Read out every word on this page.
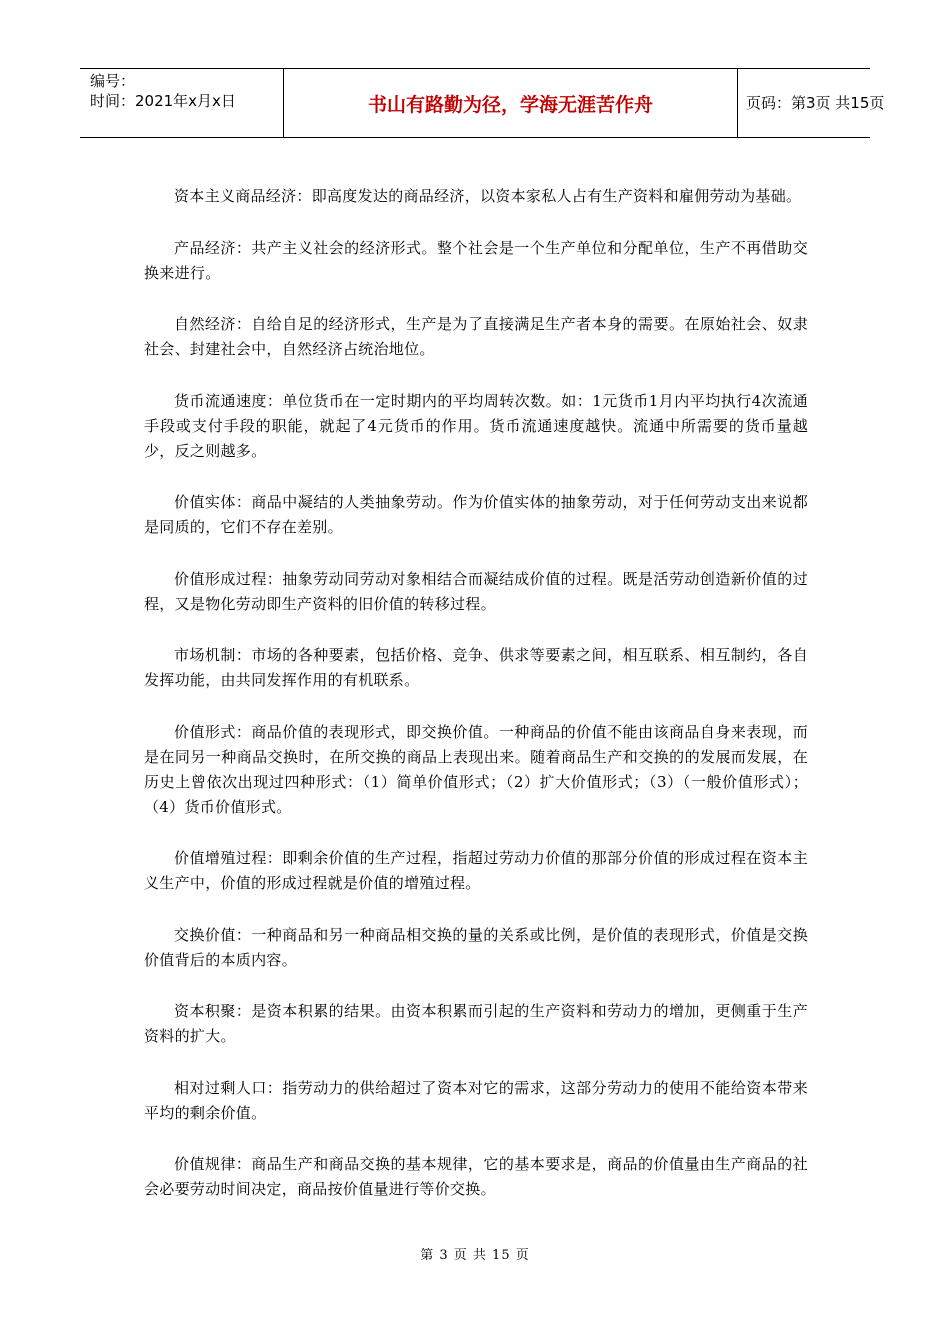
编号：
时间：2021年x月x日	书山有路勤为径，学海无涯苦作舟	页码：第3页 共15页

资本主义商品经济：即高度发达的商品经济，以资本家私人占有生产资料和雇佣劳动为基础。

产品经济：共产主义社会的经济形式。整个社会是一个生产单位和分配单位，生产不再借助交换来进行。

自然经济：自给自足的经济形式，生产是为了直接满足生产者本身的需要。在原始社会、奴隶社会、封建社会中，自然经济占统治地位。

货币流通速度：单位货币在一定时期内的平均周转次数。如：1元货币1月内平均执行4次流通手段或支付手段的职能，就起了4元货币的作用。货币流通速度越快。流通中所需要的货币量越少，反之则越多。

价值实体：商品中凝结的人类抽象劳动。作为价值实体的抽象劳动，对于任何劳动支出来说都是同质的，它们不存在差别。

价值形成过程：抽象劳动同劳动对象相结合而凝结成价值的过程。既是活劳动创造新价值的过程，又是物化劳动即生产资料的旧价值的转移过程。

市场机制：市场的各种要素，包括价格、竞争、供求等要素之间，相互联系、相互制约，各自发挥功能，由共同发挥作用的有机联系。

价值形式：商品价值的表现形式，即交换价值。一种商品的价值不能由该商品自身来表现，而是在同另一种商品交换时，在所交换的商品上表现出来。随着商品生产和交换的的发展而发展，在历史上曾依次出现过四种形式：（1）简单价值形式；（2）扩大价值形式；（3）（一般价值形式）；（4）货币价值形式。

价值增殖过程：即剩余价值的生产过程，指超过劳动力价值的那部分价值的形成过程在资本主义生产中，价值的形成过程就是价值的增殖过程。

交换价值：一种商品和另一种商品相交换的量的关系或比例，是价值的表现形式，价值是交换价值背后的本质内容。

资本积聚：是资本积累的结果。由资本积累而引起的生产资料和劳动力的增加，更侧重于生产资料的扩大。

相对过剩人口：指劳动力的供给超过了资本对它的需求，这部分劳动力的使用不能给资本带来平均的剩余价值。

价值规律：商品生产和商品交换的基本规律，它的基本要求是，商品的价值量由生产商品的社会必要劳动时间决定，商品按价值量进行等价交换。

第 3 页 共 15 页
